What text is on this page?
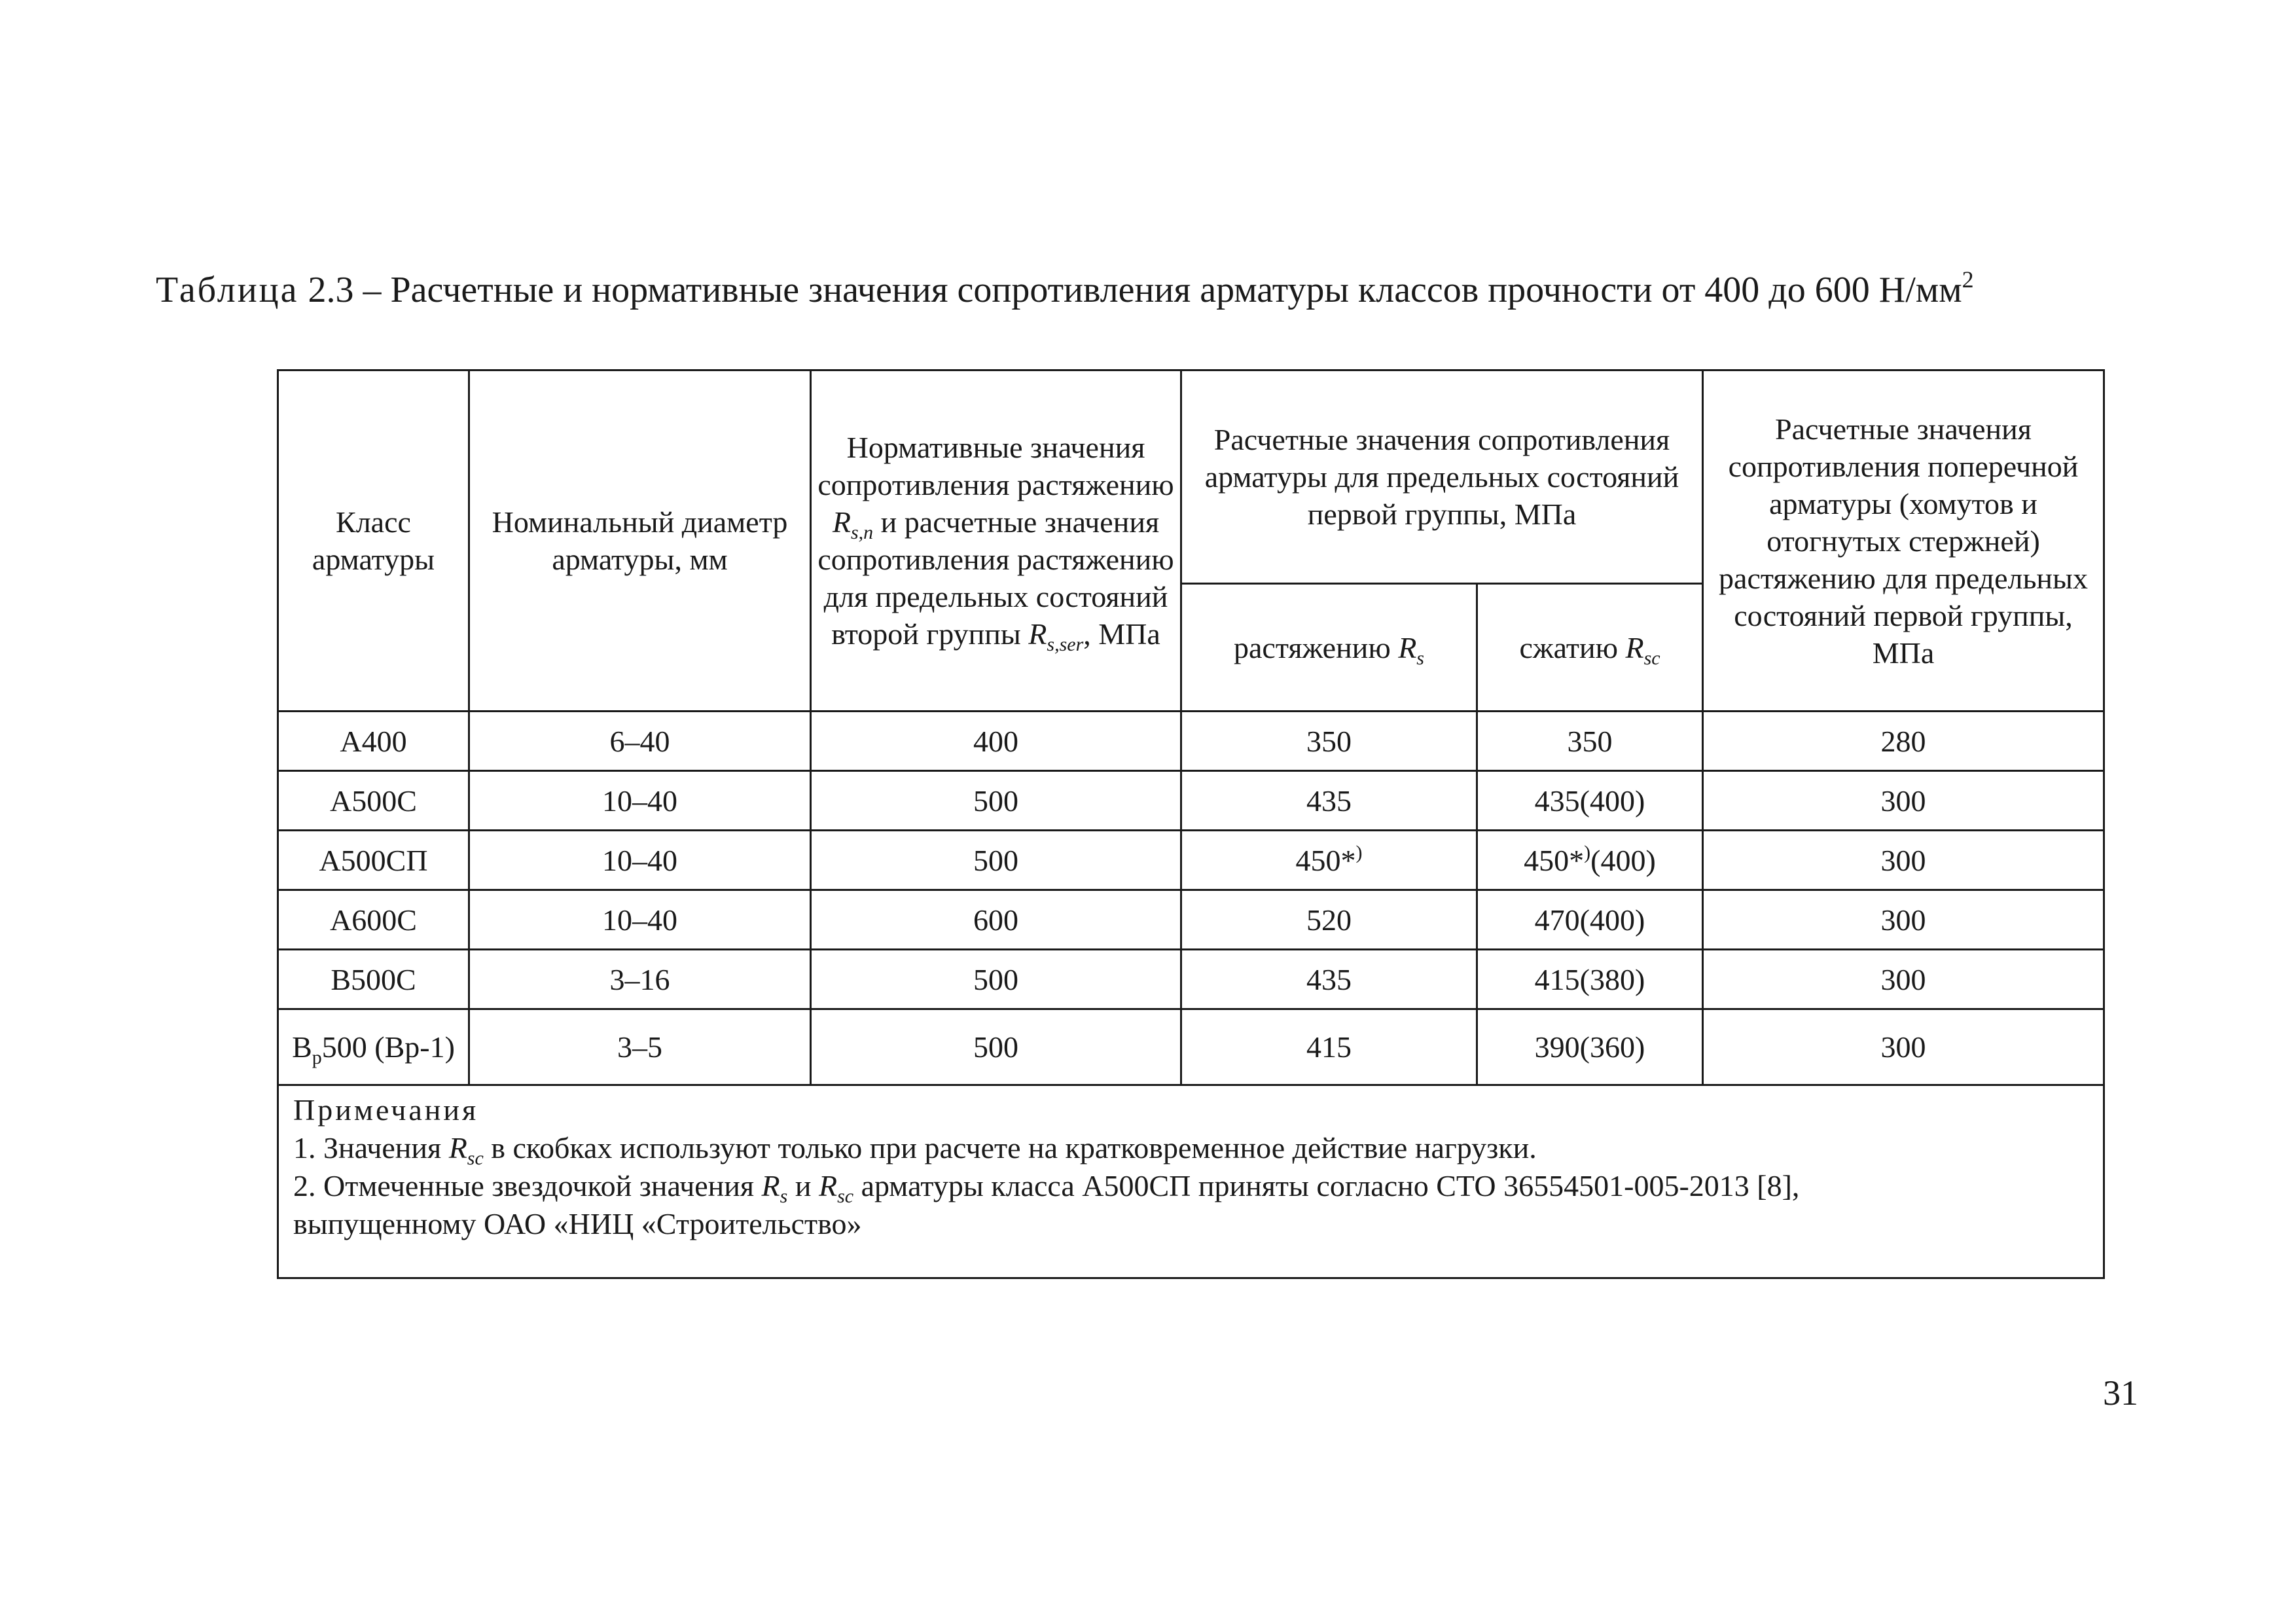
Таблица 2.3 – Расчетные и нормативные значения сопротивления арматуры классов прочности от 400 до 600 $Н/мм^2$
Класс арматуры	Номинальный диаметр арматуры, мм	Нормативные значения сопротивления растяжению $R_{s,n}$ и расчетные значения сопротивления растяжению для предельных состояний второй группы $R_{s,ser}$, МПа	Расчетные значения сопротивления арматуры для предельных состояний первой группы, МПа		Расчетные значения сопротивления поперечной арматуры (хомутов и отогнутых стержней) растяжению для предельных состояний первой группы, МПа
			растяжению $R_s$	сжатию $R_{sc}$
А400	6–40	400	350	350	280
А500С	10–40	500	435	435(400)	300
А500СП	10–40	500	450*)	450*)(400)	300
А600С	10–40	600	520	470(400)	300
В500С	3–16	500	435	415(380)	300
$В_р500$ (Вр-1)	3–5	500	415	390(360)	300

Примечания
1. Значения $R_{sc}$ в скобках используют только при расчете на кратковременное действие нагрузки.
2. Отмеченные звездочкой значения $R_s$ и $R_{sc}$ арматуры класса А500СП приняты согласно СТО 36554501-005-2013 [8],
выпущенному ОАО «НИЦ «Строительство»					
31
